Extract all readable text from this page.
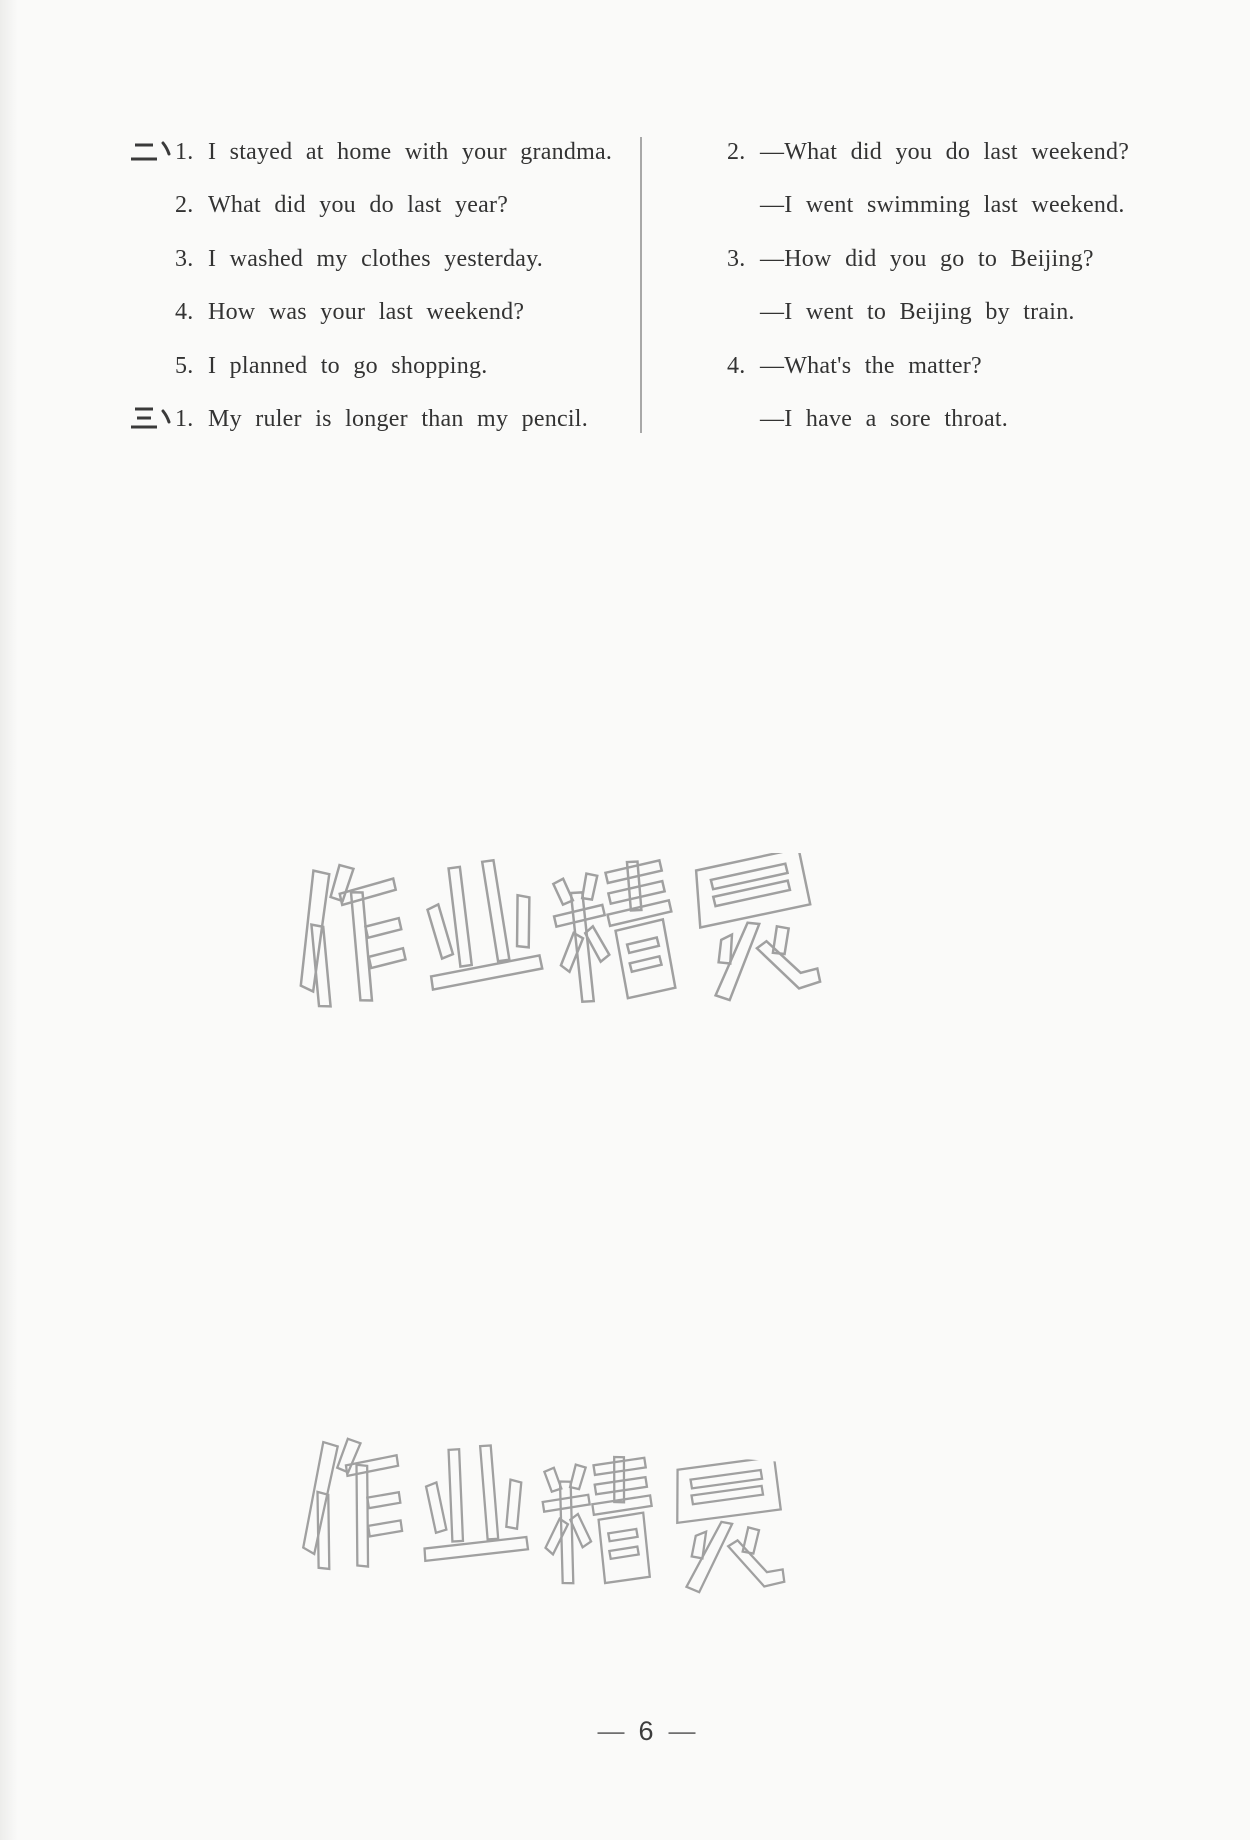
1. I stayed at home with your grandma.
2. What did you do last year?
3. I washed my clothes yesterday.
4. How was your last weekend?
5. I planned to go shopping.
1. My ruler is longer than my pencil.
2. —What did you do last weekend?
—I went swimming last weekend.
3. —How did you go to Beijing?
—I went to Beijing by train.
4. —What's the matter?
—I have a sore throat.
— 6 —
